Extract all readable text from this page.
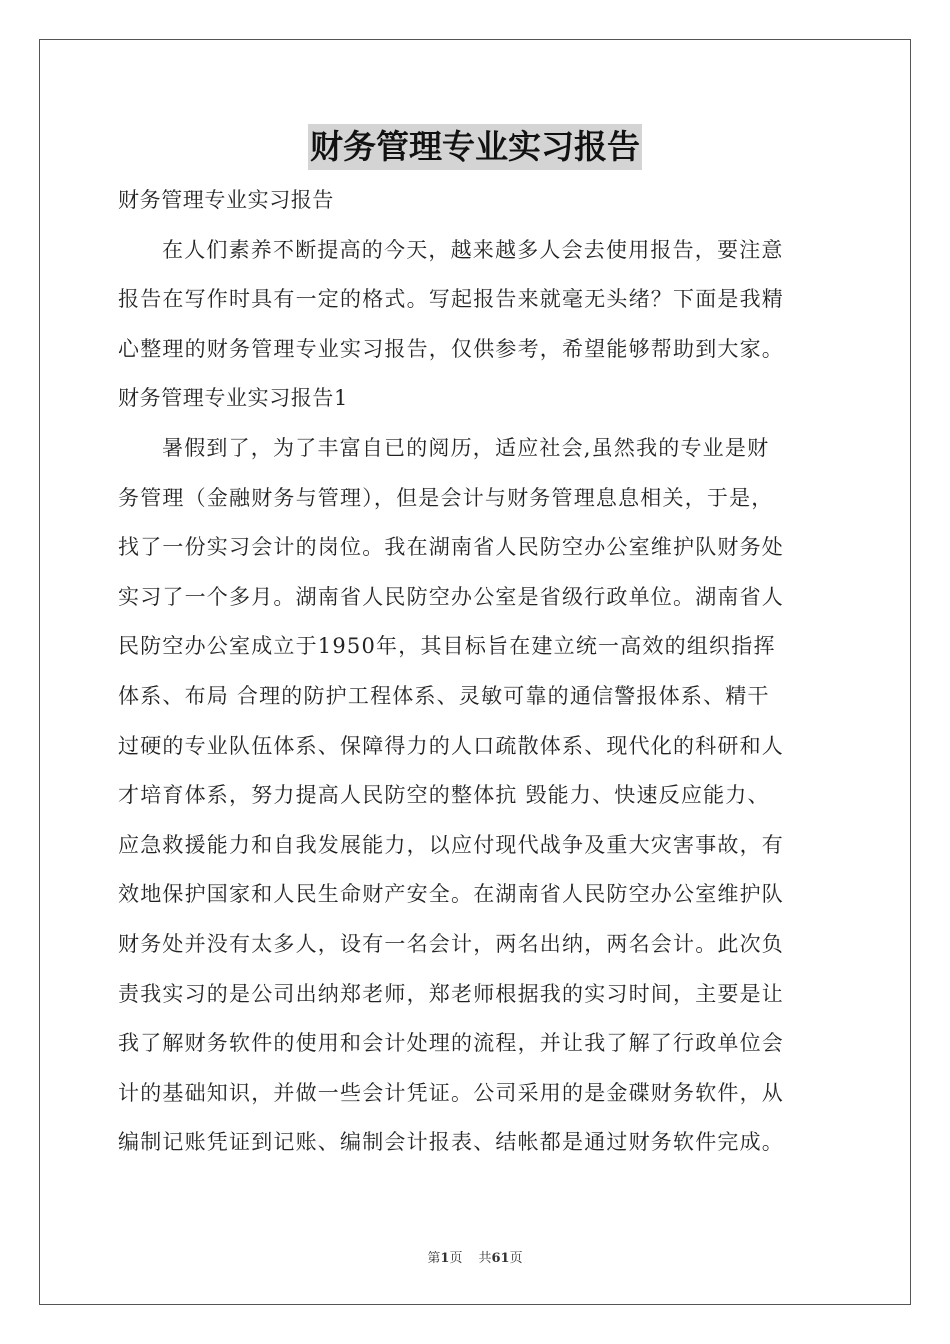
财务管理专业实习报告
财务管理专业实习报告
在人们素养不断提高的今天，越来越多人会去使用报告，要注意
报告在写作时具有一定的格式。写起报告来就毫无头绪？下面是我精
心整理的财务管理专业实习报告，仅供参考，希望能够帮助到大家。
财务管理专业实习报告1
暑假到了，为了丰富自已的阅历，适应社会,虽然我的专业是财
务管理（金融财务与管理），但是会计与财务管理息息相关，于是，
找了一份实习会计的岗位。我在湖南省人民防空办公室维护队财务处
实习了一个多月。湖南省人民防空办公室是省级行政单位。湖南省人
民防空办公室成立于1950年，其目标旨在建立统一高效的组织指挥
体系、布局 合理的防护工程体系、灵敏可靠的通信警报体系、精干
过硬的专业队伍体系、保障得力的人口疏散体系、现代化的科研和人
才培育体系，努力提高人民防空的整体抗 毁能力、快速反应能力、
应急救援能力和自我发展能力，以应付现代战争及重大灾害事故，有
效地保护国家和人民生命财产安全。在湖南省人民防空办公室维护队
财务处并没有太多人，设有一名会计，两名出纳，两名会计。此次负
责我实习的是公司出纳郑老师，郑老师根据我的实习时间，主要是让
我了解财务软件的使用和会计处理的流程，并让我了解了行政单位会
计的基础知识，并做一些会计凭证。公司采用的是金碟财务软件，从
编制记账凭证到记账、编制会计报表、结帐都是通过财务软件完成。
第1页 共61页
